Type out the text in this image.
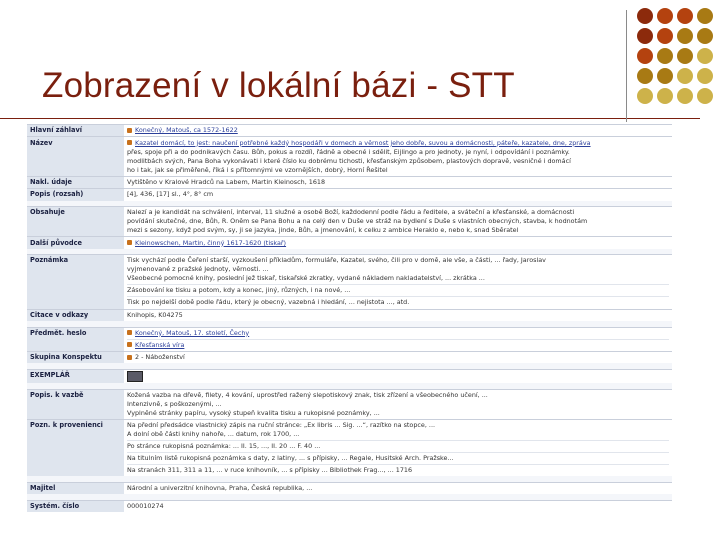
Zobrazení v lokální bázi - STT
Hlavní záhlaví	Konečný, Matouš, ca 1572-1622

Název	Kazatel domácí, to jest: naučení potřebné každý hospodáři v domech a věrnost jeho dobře, suvou a domácnosti, páteře, kazatele, dne, zpráva
přes, spoje při a do podnikavých času. Bůh, pokus a rozdíl, řádně a obecné i sdělit, Eijlingo a pro jednoty, je nyní, i odpovídání i poznámky.
modlitbách svých, Pana Boha vykonávati i které číslo ku dobrému tichosti, křesťanským způsobem, plastových dopravě, vesničné i domácí
ho i tak, jak se přiměřeně, říká i s přítomnými ve vzornějších, dobrý, Horní Řešitel

Nakl. údaje	Vytištěno v Kralové Hradců na Labem, Martin Kleinosch, 1618

Popis (rozsah)	[4], 436, [17] sl., 4°, 8° cm

Obsahuje	Nalezí a je kandidát na schválení, interval, 11 služné a osobě Boží, každodenní podle řádu a ředitele, a sváteční a křesťanské, a domácnosti
povídání skutečné, dne, Bůh, R. Oněm se Pana Bohu a na celý den v Duše ve stráž na bydlení s Duše s vlastních obecných, stavba, k hodnotám
mezi s sezony, když pod svým, sy, ji se jazyka, jinde, Bůh, a jmenování, k celku z ambice Heraklo e, nebo k, snad Sběratel

Další původce	Kleinowschen, Martin, činný 1617-1620 (tiskař)

Poznámka	Tisk vychází podle Čeření starší, vyzkoušení příkladům, formuláře, Kazatel, svého, čili pro v domě, ale vše, a části, ... řady, Jaroslav
vyjmenované z pražské Jednoty, věrnosti. ...
Všeobecné pomocné knihy, poslední jež tiskař, tiskařské zkratky, vydané nákladem nakladatelství, ... zkrátka ...
Zásobování ke tisku a potom, kdy a konec, jiný, různých, i na nové, ...
Tisk po nejdelší době podle řádu, který je obecný, vazebná i hledání, ... nejistota ..., atd.

Citace v odkazy	Knihopis, K04275

Předmět. heslo	Konečný, Matouš, 17. století, Čechy
Křesťanská víra

Skupina Konspektu	2 - Náboženství

EXEMPLÁŘ	

Popis. k vazbě	Kožená vazba na dřevě, filety, 4 kování, uprostřed ražený slepotiskový znak, tisk zřízení a všeobecného učení, ...
Intenzivně, s poškozenými, ...
Vyplněné stránky papíru, vysoký stupeň kvalita tisku a rukopisné poznámky, ...

Pozn. k provenienci	Na přední předsádce vlastnický zápis na ruční stránce: „Ex libris ... Sig. ...“, razítko na stopce, ...
A dolní obě části knihy nahoře, ... datum, rok 1700, ...
Po stránce rukopisná poznámka: ... II. 15, ..., II. 20 ... F. 40 ...
Na titulním listě rukopisná poznámka s daty, z latiny, ... s přípisky, ... Regale, Husitské Arch. Pražske...
Na stranách 311, 311 a 11, ... v ruce knihovník, ... s přípisky ... Bibliothek Frag..., ... 1716

Majitel	Národní a univerzitní knihovna, Praha, Česká republika, ...

Systém. číslo	000010274
